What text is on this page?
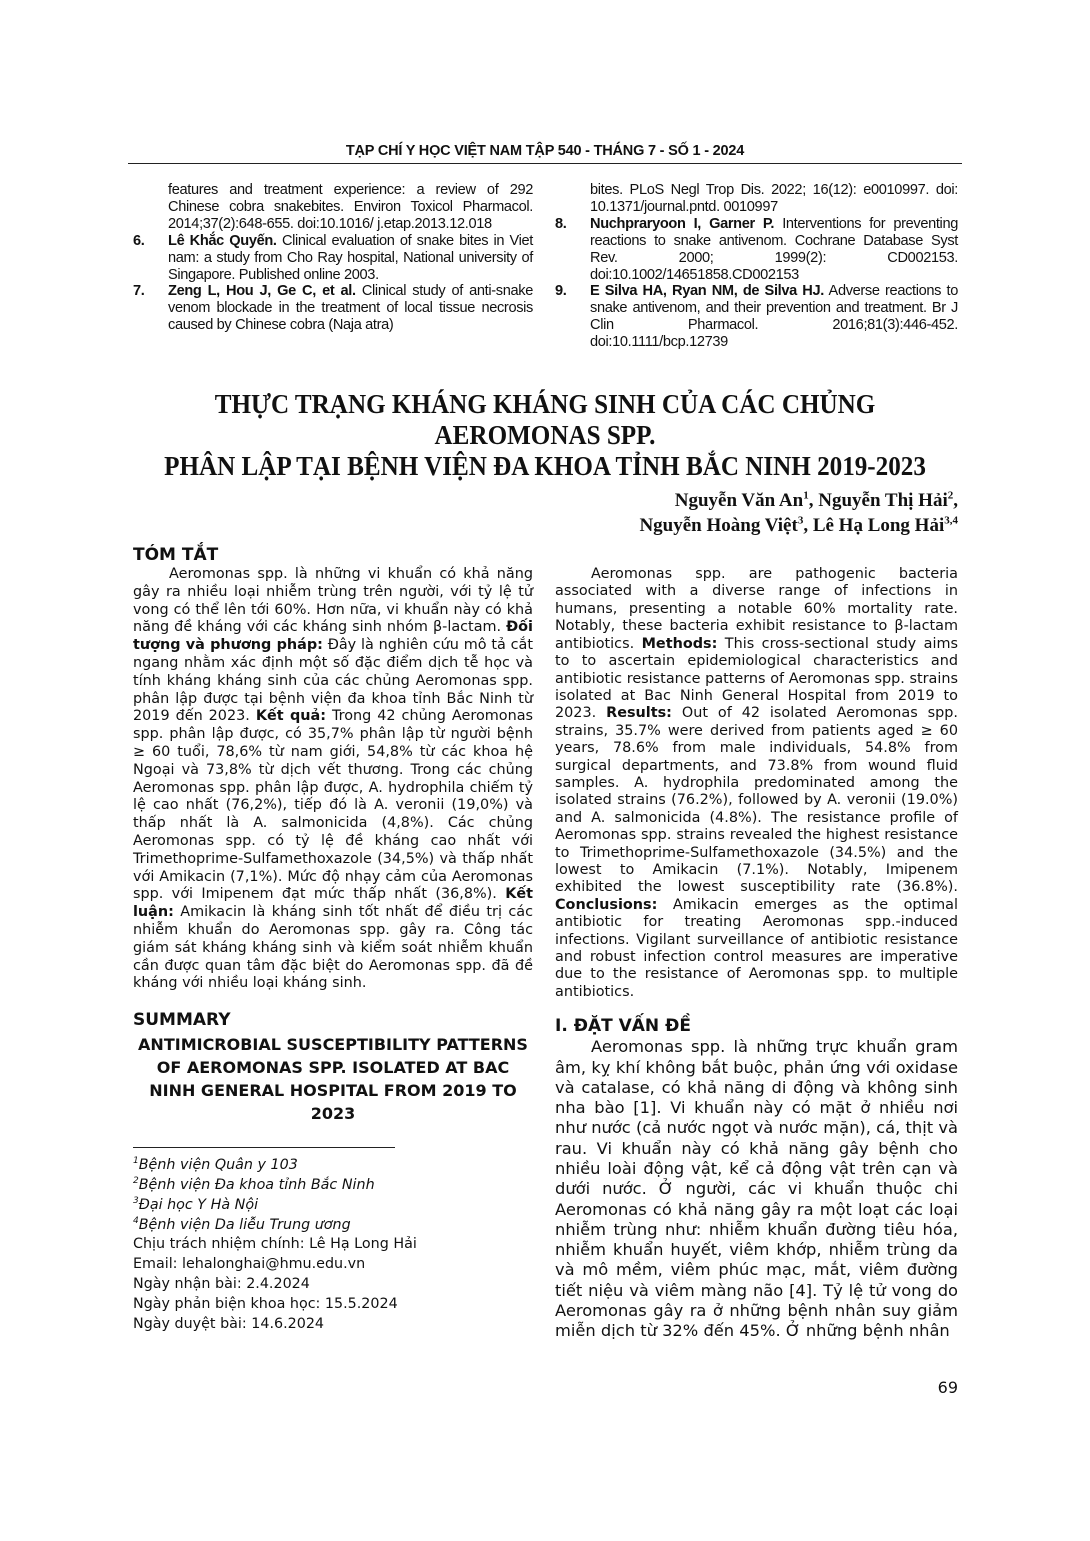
TẠP CHÍ Y HỌC VIỆT NAM TẬP 540 - THÁNG 7 - SỐ 1 - 2024
features and treatment experience: a review of 292 Chinese cobra snakebites. Environ Toxicol Pharmacol. 2014;37(2):648-655. doi:10.1016/ j.etap.2013.12.018
6.	Lê Khắc Quyến. Clinical evaluation of snake bites in Viet nam: a study from Cho Ray hospital, National university of Singapore. Published online 2003.
7.	Zeng L, Hou J, Ge C, et al. Clinical study of anti-snake venom blockade in the treatment of local tissue necrosis caused by Chinese cobra (Naja atra)
bites. PLoS Negl Trop Dis. 2022; 16(12): e0010997. doi: 10.1371/journal.pntd. 0010997
8.	Nuchpraryoon I, Garner P. Interventions for preventing reactions to snake antivenom. Cochrane Database Syst Rev. 2000; 1999(2): CD002153. doi:10.1002/14651858.CD002153
9.	E Silva HA, Ryan NM, de Silva HJ. Adverse reactions to snake antivenom, and their prevention and treatment. Br J Clin Pharmacol. 2016;81(3):446-452. doi:10.1111/bcp.12739
THỰC TRẠNG KHÁNG KHÁNG SINH CỦA CÁC CHỦNG AEROMONAS SPP.
PHÂN LẬP TẠI BỆNH VIỆN ĐA KHOA TỈNH BẮC NINH 2019-2023
Nguyễn Văn An$^1$, Nguyễn Thị Hải$^2$,
Nguyễn Hoàng Việt$^3$, Lê Hạ Long Hải$^{3,4}$
TÓM TẮT
Aeromonas spp. là những vi khuẩn có khả năng gây ra nhiều loại nhiễm trùng trên người, với tỷ lệ tử vong có thể lên tới 60%. Hơn nữa, vi khuẩn này có khả năng đề kháng với các kháng sinh nhóm β-lactam. Đối tượng và phương pháp: Đây là nghiên cứu mô tả cắt ngang nhằm xác định một số đặc điểm dịch tễ học và tính kháng kháng sinh của các chủng Aeromonas spp. phân lập được tại bệnh viện đa khoa tỉnh Bắc Ninh từ 2019 đến 2023. Kết quả: Trong 42 chủng Aeromonas spp. phân lập được, có 35,7% phân lập từ người bệnh ≥ 60 tuổi, 78,6% từ nam giới, 54,8% từ các khoa hệ Ngoại và 73,8% từ dịch vết thương. Trong các chủng Aeromonas spp. phân lập được, A. hydrophila chiếm tỷ lệ cao nhất (76,2%), tiếp đó là A. veronii (19,0%) và thấp nhất là A. salmonicida (4,8%). Các chủng Aeromonas spp. có tỷ lệ đề kháng cao nhất với Trimethoprime-Sulfamethoxazole (34,5%) và thấp nhất với Amikacin (7,1%). Mức độ nhạy cảm của Aeromonas spp. với Imipenem đạt mức thấp nhất (36,8%). Kết luận: Amikacin là kháng sinh tốt nhất để điều trị các nhiễm khuẩn do Aeromonas spp. gây ra. Công tác giám sát kháng kháng sinh và kiểm soát nhiễm khuẩn cần được quan tâm đặc biệt do Aeromonas spp. đã đề kháng với nhiều loại kháng sinh.
SUMMARY
ANTIMICROBIAL SUSCEPTIBILITY PATTERNS OF AEROMONAS SPP. ISOLATED AT BAC NINH GENERAL HOSPITAL FROM 2019 TO 2023
$^1$Bệnh viện Quân y 103
$^2$Bệnh viện Đa khoa tỉnh Bắc Ninh
$^3$Đại học Y Hà Nội
$^4$Bệnh viện Da liễu Trung ương
Chịu trách nhiệm chính: Lê Hạ Long Hải
Email: lehalonghai@hmu.edu.vn
Ngày nhận bài: 2.4.2024
Ngày phản biện khoa học: 15.5.2024
Ngày duyệt bài: 14.6.2024
Aeromonas spp. are pathogenic bacteria associated with a diverse range of infections in humans, presenting a notable 60% mortality rate. Notably, these bacteria exhibit resistance to β-lactam antibiotics. Methods: This cross-sectional study aims to to ascertain epidemiological characteristics and antibiotic resistance patterns of Aeromonas spp. strains isolated at Bac Ninh General Hospital from 2019 to 2023. Results: Out of 42 isolated Aeromonas spp. strains, 35.7% were derived from patients aged ≥ 60 years, 78.6% from male individuals, 54.8% from surgical departments, and 73.8% from wound fluid samples. A. hydrophila predominated among the isolated strains (76.2%), followed by A. veronii (19.0%) and A. salmonicida (4.8%). The resistance profile of Aeromonas spp. strains revealed the highest resistance to Trimethoprime-Sulfamethoxazole (34.5%) and the lowest to Amikacin (7.1%). Notably, Imipenem exhibited the lowest susceptibility rate (36.8%). Conclusions: Amikacin emerges as the optimal antibiotic for treating Aeromonas spp.-induced infections. Vigilant surveillance of antibiotic resistance and robust infection control measures are imperative due to the resistance of Aeromonas spp. to multiple antibiotics.
I. ĐẶT VẤN ĐỀ
Aeromonas spp. là những trực khuẩn gram âm, kỵ khí không bắt buộc, phản ứng với oxidase và catalase, có khả năng di động và không sinh nha bào [1]. Vi khuẩn này có mặt ở nhiều nơi như nước (cả nước ngọt và nước mặn), cá, thịt và rau. Vi khuẩn này có khả năng gây bệnh cho nhiều loài động vật, kể cả động vật trên cạn và dưới nước. Ở người, các vi khuẩn thuộc chi Aeromonas có khả năng gây ra một loạt các loại nhiễm trùng như: nhiễm khuẩn đường tiêu hóa, nhiễm khuẩn huyết, viêm khớp, nhiễm trùng da và mô mềm, viêm phúc mạc, mắt, viêm đường tiết niệu và viêm màng não [4]. Tỷ lệ tử vong do Aeromonas gây ra ở những bệnh nhân suy giảm miễn dịch từ 32% đến 45%. Ở những bệnh nhân
69
